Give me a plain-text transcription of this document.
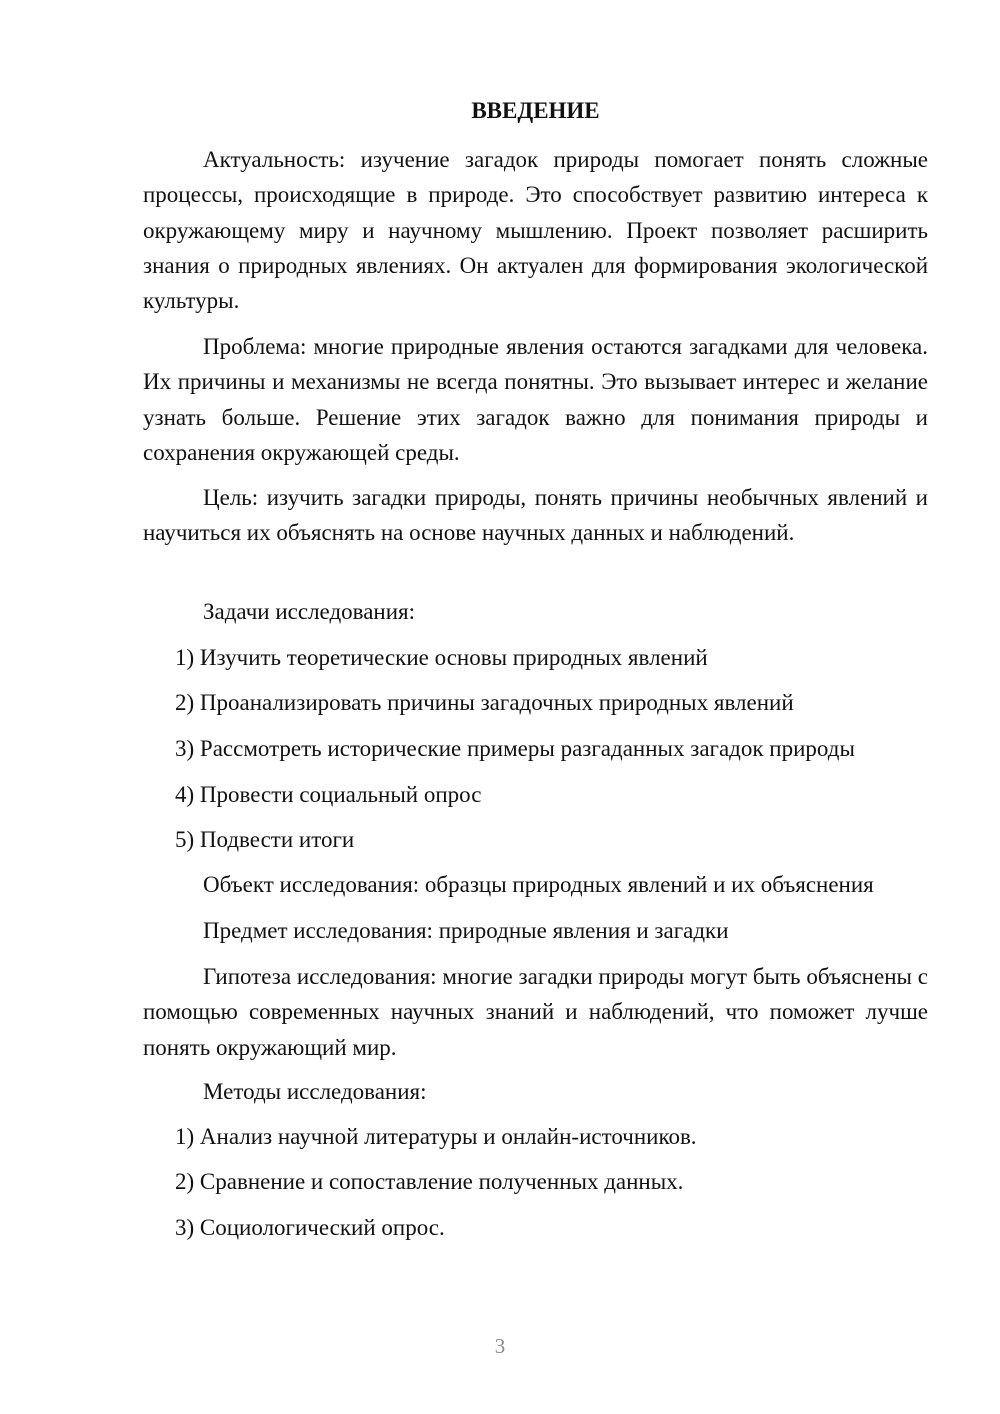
ВВЕДЕНИЕ

Актуальность: изучение загадок природы помогает понять сложные процессы, происходящие в природе. Это способствует развитию интереса к окружающему миру и научному мышлению. Проект позволяет расширить знания о природных явлениях. Он актуален для формирования экологической культуры.

Проблема: многие природные явления остаются загадками для человека. Их причины и механизмы не всегда понятны. Это вызывает интерес и желание узнать больше. Решение этих загадок важно для понимания природы и сохранения окружающей среды.

Цель: изучить загадки природы, понять причины необычных явлений и научиться их объяснять на основе научных данных и наблюдений.

Задачи исследования:

1) Изучить теоретические основы природных явлений

2) Проанализировать причины загадочных природных явлений

3) Рассмотреть исторические примеры разгаданных загадок природы

4) Провести социальный опрос

5) Подвести итоги

Объект исследования: образцы природных явлений и их объяснения

Предмет исследования: природные явления и загадки

Гипотеза исследования: многие загадки природы могут быть объяснены с помощью современных научных знаний и наблюдений, что поможет лучше понять окружающий мир.

Методы исследования:

1) Анализ научной литературы и онлайн-источников.

2) Сравнение и сопоставление полученных данных.

3) Социологический опрос.

3
